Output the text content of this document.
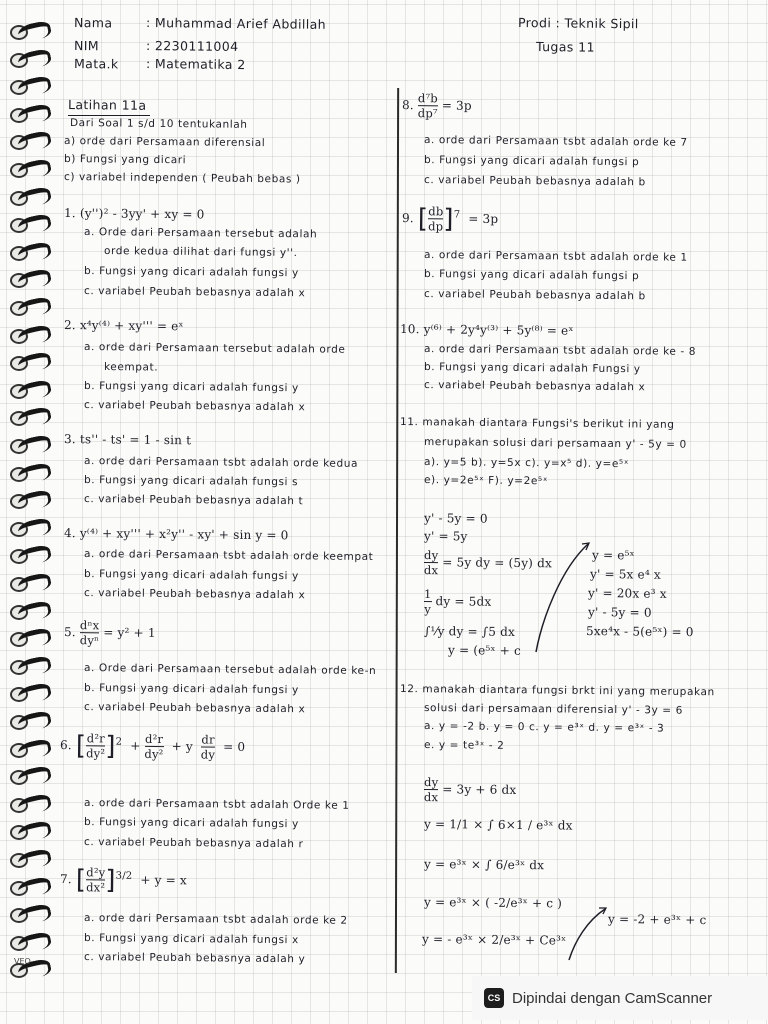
Nama	: Muhammad Arief Abdillah
NIM	: 2230111004
Mata.k : Matematika 2
Prodi : Teknik Sipil
Tugas 11
Latihan 11a
Dari Soal 1 s/d 10 tentukanlah
a) orde dari Persamaan diferensial
b) Fungsi yang dicari
c) variabel independen ( Peubah bebas )
1. (y'')² - 3yy' + xy = 0
a. Orde dari Persamaan tersebut adalah
orde kedua dilihat dari fungsi y''.
b. Fungsi yang dicari adalah fungsi y
c. variabel Peubah bebasnya adalah x
2. x⁴y⁽⁴⁾ + xy''' = eˣ
a. orde dari Persamaan tersebut adalah orde
keempat.
b. Fungsi yang dicari adalah fungsi y
c. variabel Peubah bebasnya adalah x
3. ts'' - ts' = 1 - sin t
a. orde dari Persamaan tsbt adalah orde kedua
b. Fungsi yang dicari adalah fungsi s
c. variabel Peubah bebasnya adalah t
4. y⁽⁴⁾ + xy''' + x²y'' - xy' + sin y = 0
a. orde dari Persamaan tsbt adalah orde keempat
b. Fungsi yang dicari adalah fungsi y
c. variabel Peubah bebasnya adalah x
5. $\frac{\text{dⁿx}}{\text{dyⁿ}} = y^2 + 1$
a. Orde dari Persamaan tersebut adalah orde ke-n
b. Fungsi yang dicari adalah fungsi y
c. variabel Peubah bebasnya adalah x
6. [ $\frac{\text{d²r}}{\text{dy²}} ]^2 + \frac{\text{d²r}}{\text{dy²}} + y \frac{dr}{dy} = 0$
a. orde dari Persamaan tsbt adalah Orde ke 1
b. Fungsi yang dicari adalah fungsi y
c. variabel Peubah bebasnya adalah r
7. [ $\frac{\text{d²y}}{\text{dx²}} ]^{3/2} + y = x$
a. orde dari Persamaan tsbt adalah orde ke 2
b. Fungsi yang dicari adalah fungsi x
c. variabel Peubah bebasnya adalah y
8. $\frac{\text{d⁷b}}{\text{dp⁷}} = 3p$
a. orde dari Persamaan tsbt adalah orde ke 7
b. Fungsi yang dicari adalah fungsi p
c. variabel Peubah bebasnya adalah b
9. [ $\frac{db}{dp} ]^7 = 3p$
a. orde dari Persamaan tsbt adalah orde ke 1
b. Fungsi yang dicari adalah fungsi p
c. variabel Peubah bebasnya adalah b
10. y⁽⁶⁾ + 2y⁴y⁽³⁾ + 5y⁽⁸⁾ = eˣ
a. orde dari Persamaan tsbt adalah orde ke - 8
b. Fungsi yang dicari adalah Fungsi y
c. variabel Peubah bebasnya adalah x
11. manakah diantara Fungsi's berikut ini yang
merupakan solusi dari persamaan y' - 5y = 0
a). y=5 b). y=5x c). y=x⁵ d). y=e⁵ˣ
e). y=2e⁵ˣ F). y=2e⁵ˣ
y' - 5y = 0
y' = 5y
$\frac{dy}{dx} = 5y$ dy = (5y) dx
$\frac{1}{y}$ dy = 5dx
∫¹⁄y dy = ∫5 dx
y = (e⁵ˣ + c
y = e⁵ˣ
y' = 5x e⁴ x
y' = 20x e³ x
y' - 5y = 0
5xe⁴x - 5(e⁵ˣ) = 0
12. manakah diantara fungsi brkt ini yang merupakan
solusi dari persamaan diferensial y' - 3y = 6
a. y = -2 b. y = 0 c. y = e³ˣ d. y = e³ˣ - 3
e. y = te³ˣ - 2
$\frac{dy}{dx} = 3y + 6$ dx
y = 1/1 × ∫ 6×1 / e³ˣ dx
y = e³ˣ × ∫ 6/e³ˣ dx
y = e³ˣ × ( -2/e³ˣ + c )
y = - e³ˣ × 2/e³ˣ + Ce³ˣ
y = -2 + e³ˣ + c
VEO
CS Dipindai dengan CamScanner
